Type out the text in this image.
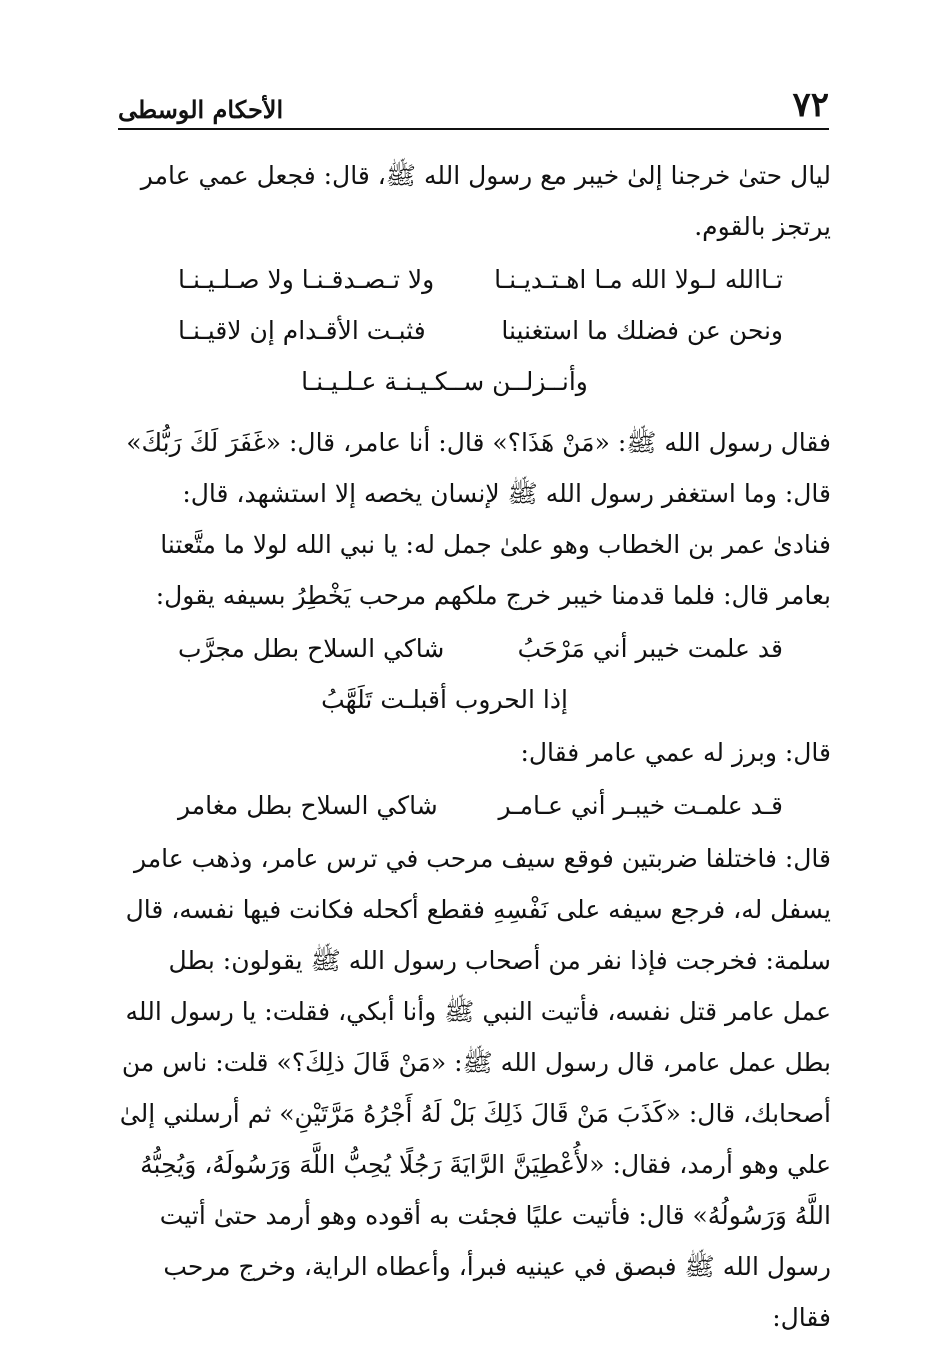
٧٢
الأحكام الوسطى

ليال حتىٰ خرجنا إلىٰ خيبر مع رسول الله ﷺ، قال: فجعل عمي عامر يرتجز بالقوم.

تـاالله لـولا الله مـا اهـتـديـنـا
ولا تـصـدقـنـا ولا صـلـيـنـا
ونحن عن فضلك ما استغنينا
فثبـت الأقـدام إن لاقيـنـا
وأنــزلــن ســكـيـنـة عـلـيـنـا

فقال رسول الله ﷺ: «مَنْ هَذَا؟» قال: أنا عامر، قال: «غَفَرَ لَكَ رَبُّكَ» قال: وما استغفر رسول الله ﷺ لإنسان يخصه إلا استشهد، قال: فنادىٰ عمر بن الخطاب وهو علىٰ جمل له: يا نبي الله لولا ما متَّعتنا بعامر قال: فلما قدمنا خيبر خرج ملكهم مرحب يَخْطِرُ بسيفه يقول:

قد علمت خيبر أني مَرْحَبُ
شاكي السلاح بطل مجرَّب
إذا الحروب أقبلـت تَلَهَّبُ

قال: وبرز له عمي عامر فقال:

قـد علمـت خيبـر أني عـامـر
شاكي السلاح بطل مغامر

قال: فاختلفا ضربتين فوقع سيف مرحب في ترس عامر، وذهب عامر يسفل له، فرجع سيفه على نَفْسِهِ فقطع أكحله فكانت فيها نفسه، قال سلمة: فخرجت فإذا نفر من أصحاب رسول الله ﷺ يقولون: بطل عمل عامر قتل نفسه، فأتيت النبي ﷺ وأنا أبكي، فقلت: يا رسول الله بطل عمل عامر، قال رسول الله ﷺ: «مَنْ قَالَ ذلِكَ؟» قلت: ناس من أصحابك، قال: «كَذَبَ مَنْ قَالَ ذَلِكَ بَلْ لَهُ أَجْرُهُ مَرَّتَيْنِ» ثم أرسلني إلىٰ علي وهو أرمد، فقال: «لأُعْطِيَنَّ الرَّايَةَ رَجُلًا يُحِبُّ اللَّهَ وَرَسُولَهُ، وَيُحِبُّهُ اللَّهُ وَرَسُولُهُ» قال: فأتيت عليًا فجئت به أقوده وهو أرمد حتىٰ أتيت رسول الله ﷺ فبصق في عينيه فبرأ، وأعطاه الراية، وخرج مرحب فقال:
